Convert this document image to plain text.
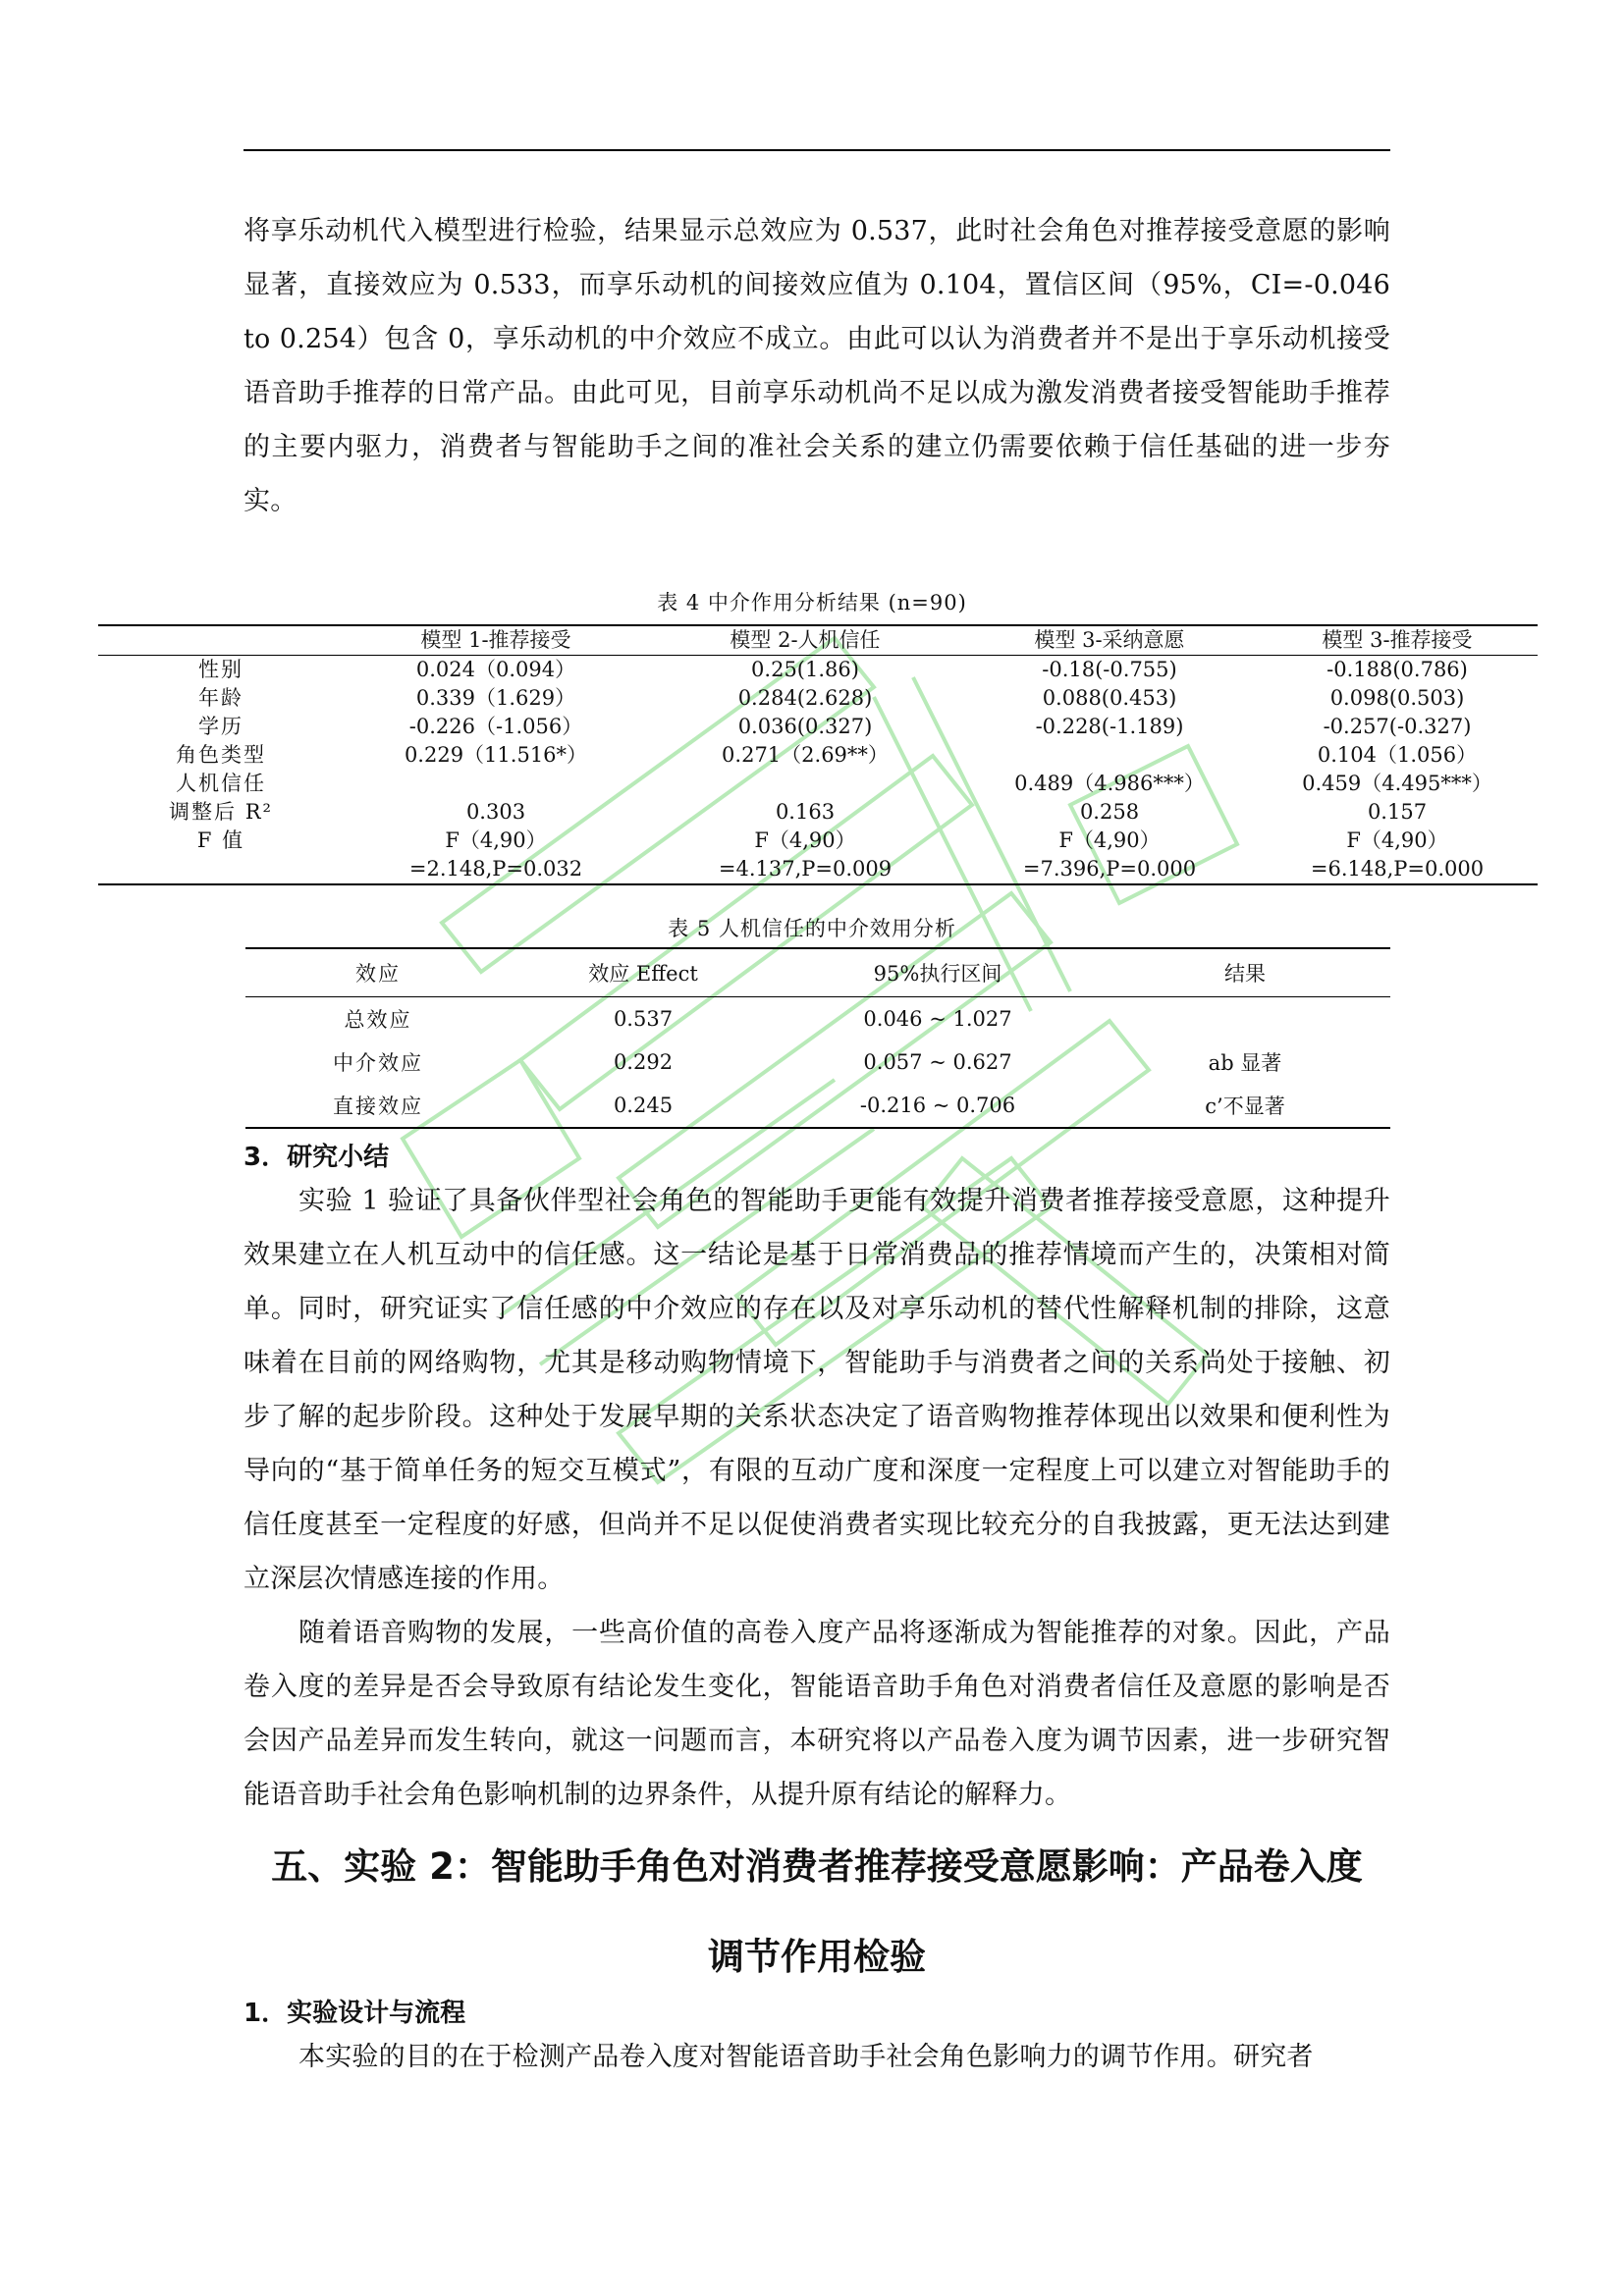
将享乐动机代入模型进行检验，结果显示总效应为 0.537，此时社会角色对推荐接受意愿的影响显著，直接效应为 0.533，而享乐动机的间接效应值为 0.104，置信区间（95%，CI=-0.046 to 0.254）包含 0，享乐动机的中介效应不成立。由此可以认为消费者并不是出于享乐动机接受语音助手推荐的日常产品。由此可见，目前享乐动机尚不足以成为激发消费者接受智能助手推荐的主要内驱力，消费者与智能助手之间的准社会关系的建立仍需要依赖于信任基础的进一步夯实。

表 4 中介作用分析结果 (n=90)

	模型 1-推荐接受	模型 2-人机信任	模型 3-采纳意愿	模型 3-推荐接受
性别	0.024（0.094）	0.25(1.86)	-0.18(-0.755)	-0.188(0.786)
年龄	0.339（1.629）	0.284(2.628)	0.088(0.453)	0.098(0.503)
学历	-0.226（-1.056）	0.036(0.327)	-0.228(-1.189)	-0.257(-0.327)
角色类型	0.229（11.516*）	0.271（2.69**）		0.104（1.056）
人机信任			0.489（4.986***）	0.459（4.495***）
调整后 R²	0.303	0.163	0.258	0.157
F 值	F（4,90）	F（4,90）	F（4,90）	F（4,90）
	=2.148,P=0.032	=4.137,P=0.009	=7.396,P=0.000	=6.148,P=0.000

表 5 人机信任的中介效用分析

效应	效应 Effect	95%执行区间	结果
总效应	0.537	0.046 ~ 1.027	
中介效应	0.292	0.057 ~ 0.627	ab 显著
直接效应	0.245	-0.216 ~ 0.706	c’不显著
3．研究小结

实验 1 验证了具备伙伴型社会角色的智能助手更能有效提升消费者推荐接受意愿，这种提升效果建立在人机互动中的信任感。这一结论是基于日常消费品的推荐情境而产生的，决策相对简单。同时，研究证实了信任感的中介效应的存在以及对享乐动机的替代性解释机制的排除，这意味着在目前的网络购物，尤其是移动购物情境下，智能助手与消费者之间的关系尚处于接触、初步了解的起步阶段。这种处于发展早期的关系状态决定了语音购物推荐体现出以效果和便利性为导向的“基于简单任务的短交互模式”，有限的互动广度和深度一定程度上可以建立对智能助手的信任度甚至一定程度的好感，但尚并不足以促使消费者实现比较充分的自我披露，更无法达到建立深层次情感连接的作用。

随着语音购物的发展，一些高价值的高卷入度产品将逐渐成为智能推荐的对象。因此，产品卷入度的差异是否会导致原有结论发生变化，智能语音助手角色对消费者信任及意愿的影响是否会因产品差异而发生转向，就这一问题而言，本研究将以产品卷入度为调节因素，进一步研究智能语音助手社会角色影响机制的边界条件，从提升原有结论的解释力。

五、实验 2：智能助手角色对消费者推荐接受意愿影响：产品卷入度调节作用检验
1．实验设计与流程

本实验的目的在于检测产品卷入度对智能语音助手社会角色影响力的调节作用。研究者
